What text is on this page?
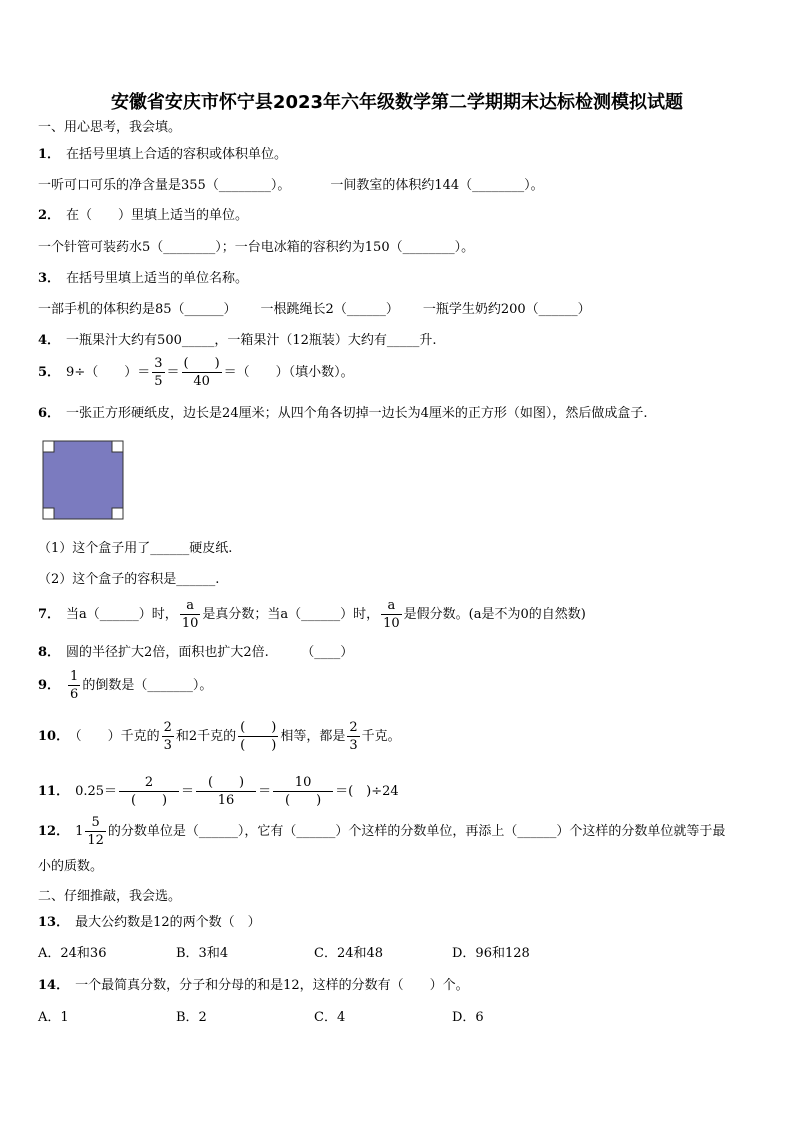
安徽省安庆市怀宁县2023年六年级数学第二学期期末达标检测模拟试题
一、用心思考，我会填。
1． 在括号里填上合适的容积或体积单位。
一听可口可乐的净含量是355（________）。	一间教室的体积约144（________）。
2． 在（　　）里填上适当的单位。
一个针管可装药水5（________）；一台电冰箱的容积约为150（________）。
3． 在括号里填上适当的单位名称。
一部手机的体积约是85（______） 一根跳绳长2（______） 一瓶学生奶约200（______）
4． 一瓶果汁大约有500_____，一箱果汁（12瓶装）大约有_____升.
5． 9÷（　　）＝ $\frac{3}{5} = \frac{( )}{40}$ ＝（　　）（填小数）。
6． 一张正方形硬纸皮，边长是24厘米；从四个角各切掉一边长为4厘米的正方形（如图），然后做成盒子.
（1）这个盒子用了______硬皮纸.
（2）这个盒子的容积是______.
7． 当a（______）时， $\frac{a}{10}$ 是真分数；当a（______）时， $\frac{a}{10}$ 是假分数。(a是不为0的自然数)
8． 圆的半径扩大2倍，面积也扩大2倍.　　　（____）
9． $\frac{1}{6}$ 的倒数是（_______）。
10． （　　）千克的 $\frac{2}{3}$ 和2千克的 $\frac{( )}{( )}$ 相等，都是 $\frac{2}{3}$ 千克。
11． $0.25= \frac{2}{( )} = \frac{( )}{16} = \frac{10}{( )}$ ＝(　)÷24
12． $1 \frac{5}{12}$ 的分数单位是（______），它有（______）个这样的分数单位，再添上（______）个这样的分数单位就等于最
小的质数。
二、仔细推敲，我会选。
13． 最大公约数是12的两个数（　）
A．24和36	B．3和4	C．24和48	D．96和128
14． 一个最简真分数，分子和分母的和是12，这样的分数有（　　）个。
A．1	B．2	C．4	D．6
